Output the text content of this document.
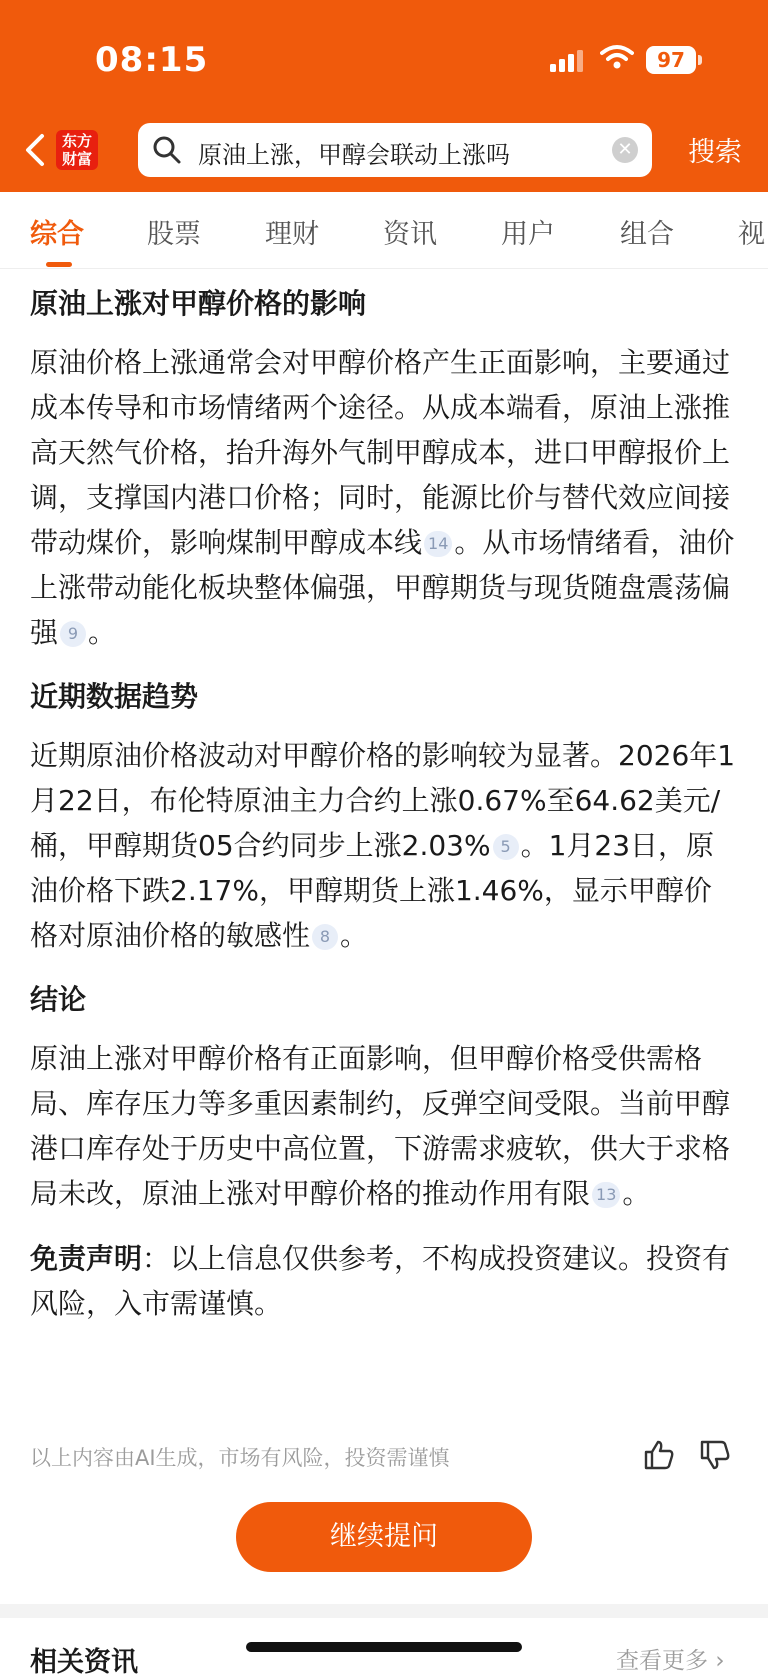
08:15	97
东方
财富	原油上涨，甲醇会联动上涨吗	✕ 搜索
综合 股票 理财 资讯 用户 组合 视
原油上涨对甲醇价格的影响

原油价格上涨通常会对甲醇价格产生正面影响，主要通过成本传导和市场情绪两个途径。从成本端看，原油上涨推高天然气价格，抬升海外气制甲醇成本，进口甲醇报价上调，支撑国内港口价格；同时，能源比价与替代效应间接带动煤价，影响煤制甲醇成本线 14 。从市场情绪看，油价上涨带动能化板块整体偏强，甲醇期货与现货随盘震荡偏强 9 。

近期数据趋势

近期原油价格波动对甲醇价格的影响较为显著。2026年1月22日，布伦特原油主力合约上涨0.67%至64.62美元/桶，甲醇期货05合约同步上涨2.03% 5 。1月23日，原油价格下跌2.17%，甲醇期货上涨1.46%，显示甲醇价格对原油价格的敏感性 8 。

结论

原油上涨对甲醇价格有正面影响，但甲醇价格受供需格局、库存压力等多重因素制约，反弹空间受限。当前甲醇港口库存处于历史中高位置，下游需求疲软，供大于求格局未改，原油上涨对甲醇价格的推动作用有限 13 。

免责声明：以上信息仅供参考，不构成投资建议。投资有风险，入市需谨慎。

以上内容由AI生成，市场有风险，投资需谨慎
继续提问
相关资讯	查看更多 ›
